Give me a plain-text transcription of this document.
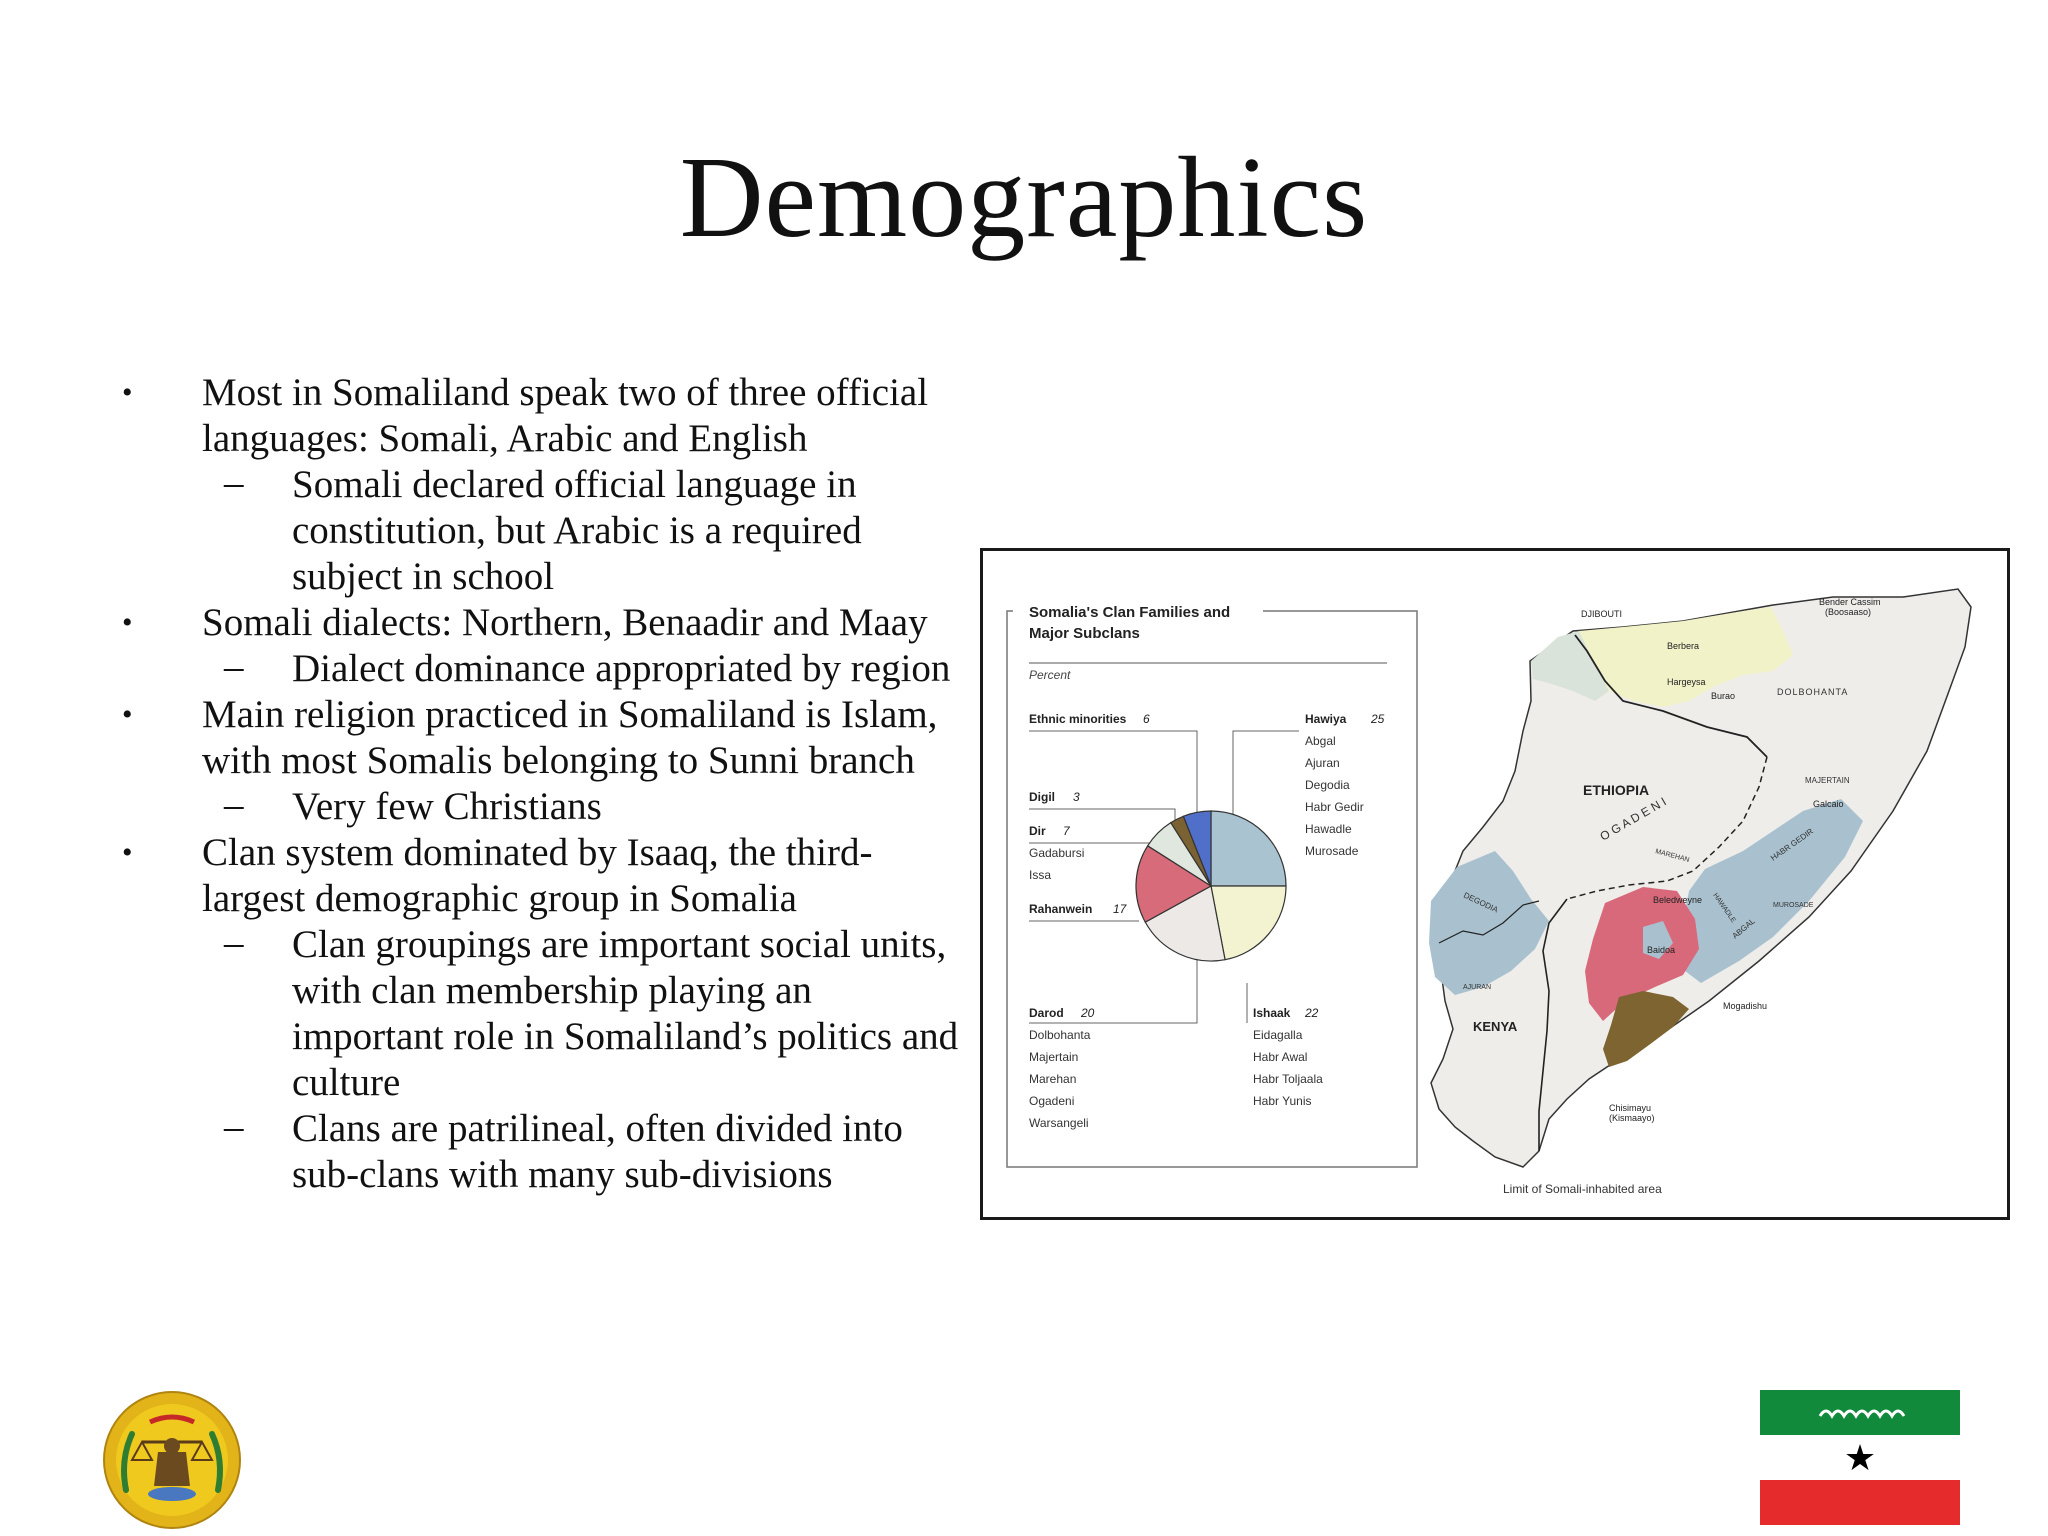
Demographics
• Most in Somaliland speak two of three official languages: Somali, Arabic and English
– Somali declared official language in constitution, but Arabic is a required subject in school
• Somali dialects: Northern, Benaadir and Maay
– Dialect dominance appropriated by region
• Main religion practiced in Somaliland is Islam, with most Somalis belonging to Sunni branch
– Very few Christians
• Clan system dominated by Isaaq, the third-largest demographic group in Somalia
– Clan groupings are important social units, with clan membership playing an important role in Somaliland’s politics and culture
– Clans are patrilineal, often divided into sub-clans with many sub-divisions
Somalia's Clan Families and
Major Subclans
Percent
Ethnic minorities 6
Digil 3
Dir 7
Gadabursi
Issa
Rahanwein 17
Darod 20
Dolbohanta
Majertain
Marehan
Ogadeni
Warsangeli
Hawiya 25
Abgal
Ajuran
Degodia
Habr Gedir
Hawadle
Murosade
Ishaak 22
Eidagalla
Habr Awal
Habr Toljaala
Habr Yunis
DJIBOUTI
Bender Cassim
(Boosaaso)
Berbera
Hargeysa
Burao	DOLBOHANTA
ETHIOPIA
O G A D E N I
MAJERTAIN
Galcaio
HABR GEDIR
MUROSADE
ABGAL
HAWADLE
MAREHAN
Beledweyne
Baidoa
Mogadishu
DEGODIA
AJURAN
KENYA
Chisimayu
(Kismaayo)
Limit of Somali-inhabited area
★
